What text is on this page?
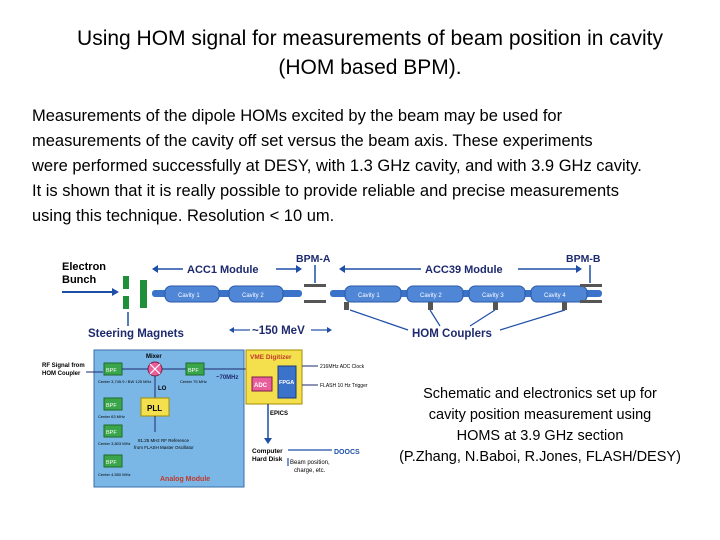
Using HOM signal for measurements of beam position in cavity
(HOM based BPM).
Measurements of the dipole HOMs excited by the beam may be used for
measurements of the cavity off set versus the beam axis. These experiments
were performed successfully at DESY, with 1.3 GHz cavity, and with 3.9 GHz cavity.
It is shown that it is really possible to provide reliable and precise measurements
using this technique. Resolution < 10 um.
Electron
Bunch
Steering Magnets
ACC1 Module
Cavity 1	Cavity 2
BPM-A
ACC39 Module
Cavity 1	Cavity 2	Cavity 3	Cavity 4
BPM-B
~150 MeV	HOM Couplers
RF Signal from
HOM Coupler
Analog Module
BPF
Center 3,745.9 / BW 125 MHz
BPF
Center 63 MHz
BPF
Center 3,803 MHz
BPF
Center 4,550 MHz
Mixer
LO
BPF
Center 75 MHz
PLL
81.25 MHz RF Reference
from FLASH Master Oscillator
~70MHz
VME Digitizer
ADC FPGA
216MHz ADC Clock
FLASH 10 Hz Trigger
EPICS
Computer
Hard Disk
DOOCS
Beam position,
charge, etc.
Schematic and electronics set up for
cavity position measurement using
HOMS at 3.9 GHz section
(P.Zhang, N.Baboi, R.Jones, FLASH/DESY)
